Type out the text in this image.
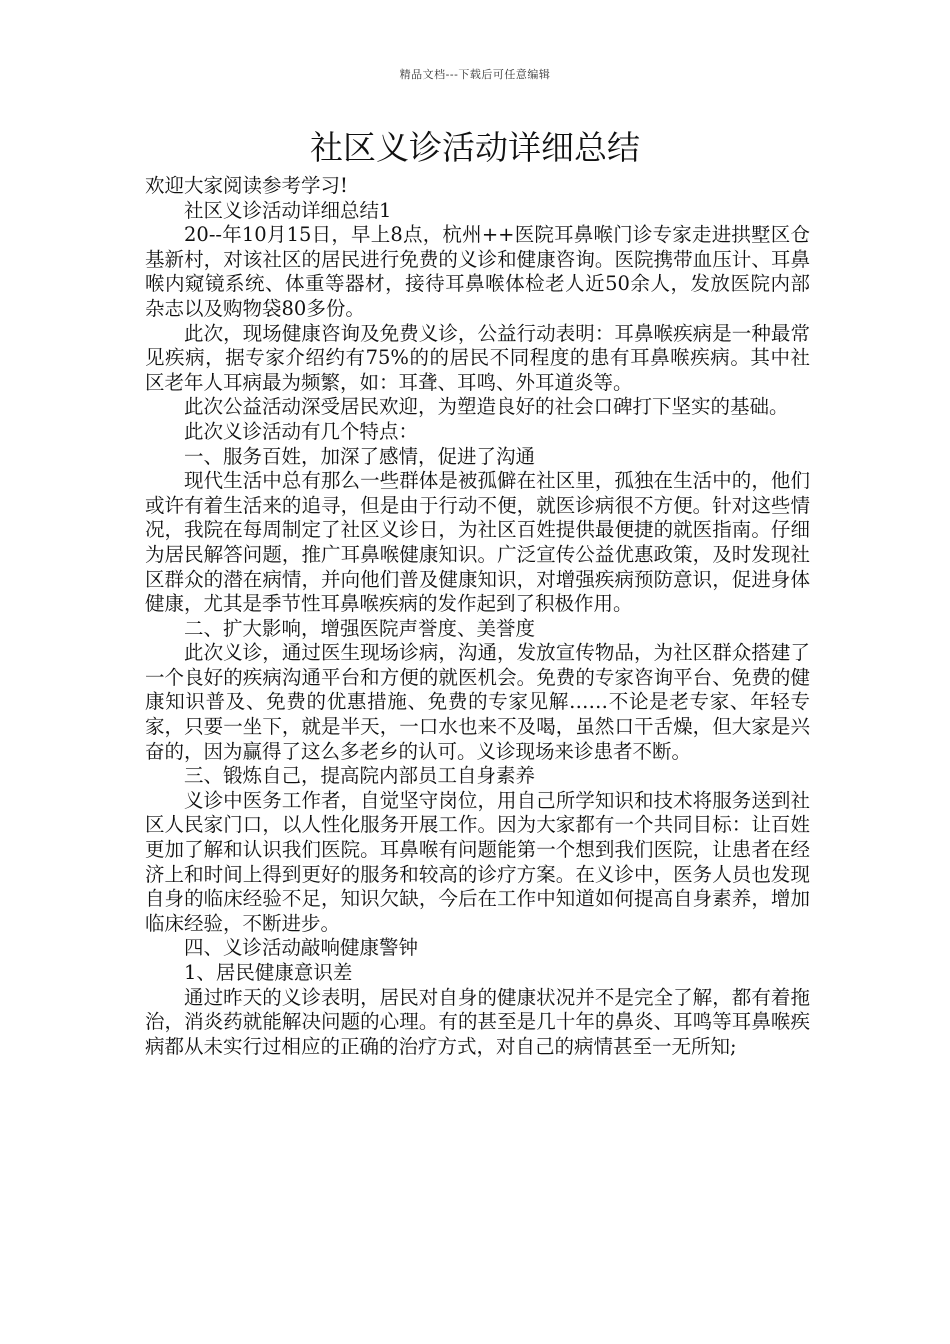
精品文档---下载后可任意编辑
社区义诊活动详细总结

欢迎大家阅读参考学习!

社区义诊活动详细总结1

20--年10月15日，早上8点，杭州++医院耳鼻喉门诊专家走进拱墅区仓基新村，对该社区的居民进行免费的义诊和健康咨询。医院携带血压计、耳鼻喉内窥镜系统、体重等器材，接待耳鼻喉体检老人近50余人，发放医院内部杂志以及购物袋80多份。

此次，现场健康咨询及免费义诊，公益行动表明：耳鼻喉疾病是一种最常见疾病，据专家介绍约有75%的的居民不同程度的患有耳鼻喉疾病。其中社区老年人耳病最为频繁，如：耳聋、耳鸣、外耳道炎等。

此次公益活动深受居民欢迎，为塑造良好的社会口碑打下坚实的基础。

此次义诊活动有几个特点：

一、服务百姓，加深了感情，促进了沟通

现代生活中总有那么一些群体是被孤僻在社区里，孤独在生活中的，他们或许有着生活来的追寻，但是由于行动不便，就医诊病很不方便。针对这些情况，我院在每周制定了社区义诊日，为社区百姓提供最便捷的就医指南。仔细为居民解答问题，推广耳鼻喉健康知识。广泛宣传公益优惠政策，及时发现社区群众的潜在病情，并向他们普及健康知识，对增强疾病预防意识，促进身体健康，尤其是季节性耳鼻喉疾病的发作起到了积极作用。

二、扩大影响，增强医院声誉度、美誉度

此次义诊，通过医生现场诊病，沟通，发放宣传物品，为社区群众搭建了一个良好的疾病沟通平台和方便的就医机会。免费的专家咨询平台、免费的健康知识普及、免费的优惠措施、免费的专家见解……不论是老专家、年轻专家，只要一坐下，就是半天，一口水也来不及喝，虽然口干舌燥，但大家是兴奋的，因为赢得了这么多老乡的认可。义诊现场来诊患者不断。

三、锻炼自己，提高院内部员工自身素养

义诊中医务工作者，自觉坚守岗位，用自己所学知识和技术将服务送到社区人民家门口，以人性化服务开展工作。因为大家都有一个共同目标：让百姓更加了解和认识我们医院。耳鼻喉有问题能第一个想到我们医院，让患者在经济上和时间上得到更好的服务和较高的诊疗方案。在义诊中，医务人员也发现自身的临床经验不足，知识欠缺，今后在工作中知道如何提高自身素养，增加临床经验，不断进步。

四、义诊活动敲响健康警钟

1、居民健康意识差

通过昨天的义诊表明，居民对自身的健康状况并不是完全了解，都有着拖治，消炎药就能解决问题的心理。有的甚至是几十年的鼻炎、耳鸣等耳鼻喉疾病都从未实行过相应的正确的治疗方式，对自己的病情甚至一无所知;
